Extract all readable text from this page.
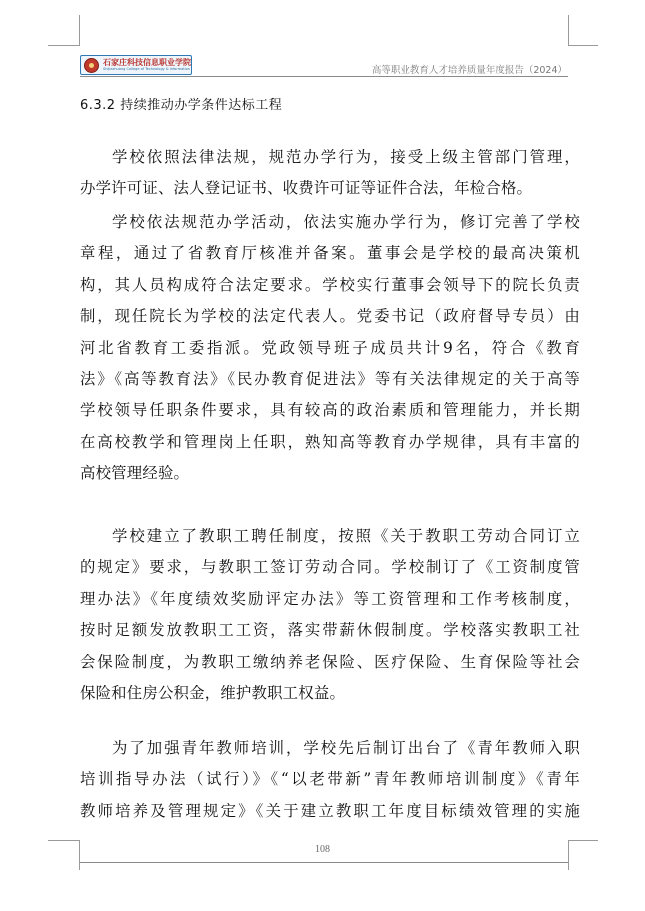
石家庄科技信息职业学院
Shijiazhuang College of Technology & Information	高等职业教育人才培养质量年度报告（2024）
6.3.2 持续推动办学条件达标工程
学校依照法律法规，规范办学行为，接受上级主管部门管理，
办学许可证、法人登记证书、收费许可证等证件合法，年检合格。
学校依法规范办学活动，依法实施办学行为，修订完善了学校
章程，通过了省教育厅核准并备案。董事会是学校的最高决策机
构，其人员构成符合法定要求。学校实行董事会领导下的院长负责
制，现任院长为学校的法定代表人。党委书记（政府督导专员）由
河北省教育工委指派。党政领导班子成员共计9名，符合《教育
法》《高等教育法》《民办教育促进法》等有关法律规定的关于高等
学校领导任职条件要求，具有较高的政治素质和管理能力，并长期
在高校教学和管理岗上任职，熟知高等教育办学规律，具有丰富的
高校管理经验。
学校建立了教职工聘任制度，按照《关于教职工劳动合同订立
的规定》要求，与教职工签订劳动合同。学校制订了《工资制度管
理办法》《年度绩效奖励评定办法》等工资管理和工作考核制度，
按时足额发放教职工工资，落实带薪休假制度。学校落实教职工社
会保险制度，为教职工缴纳养老保险、医疗保险、生育保险等社会
保险和住房公积金，维护教职工权益。
为了加强青年教师培训，学校先后制订出台了《青年教师入职
培训指导办法（试行）》《“以老带新”青年教师培训制度》《青年
教师培养及管理规定》《关于建立教职工年度目标绩效管理的实施
108
